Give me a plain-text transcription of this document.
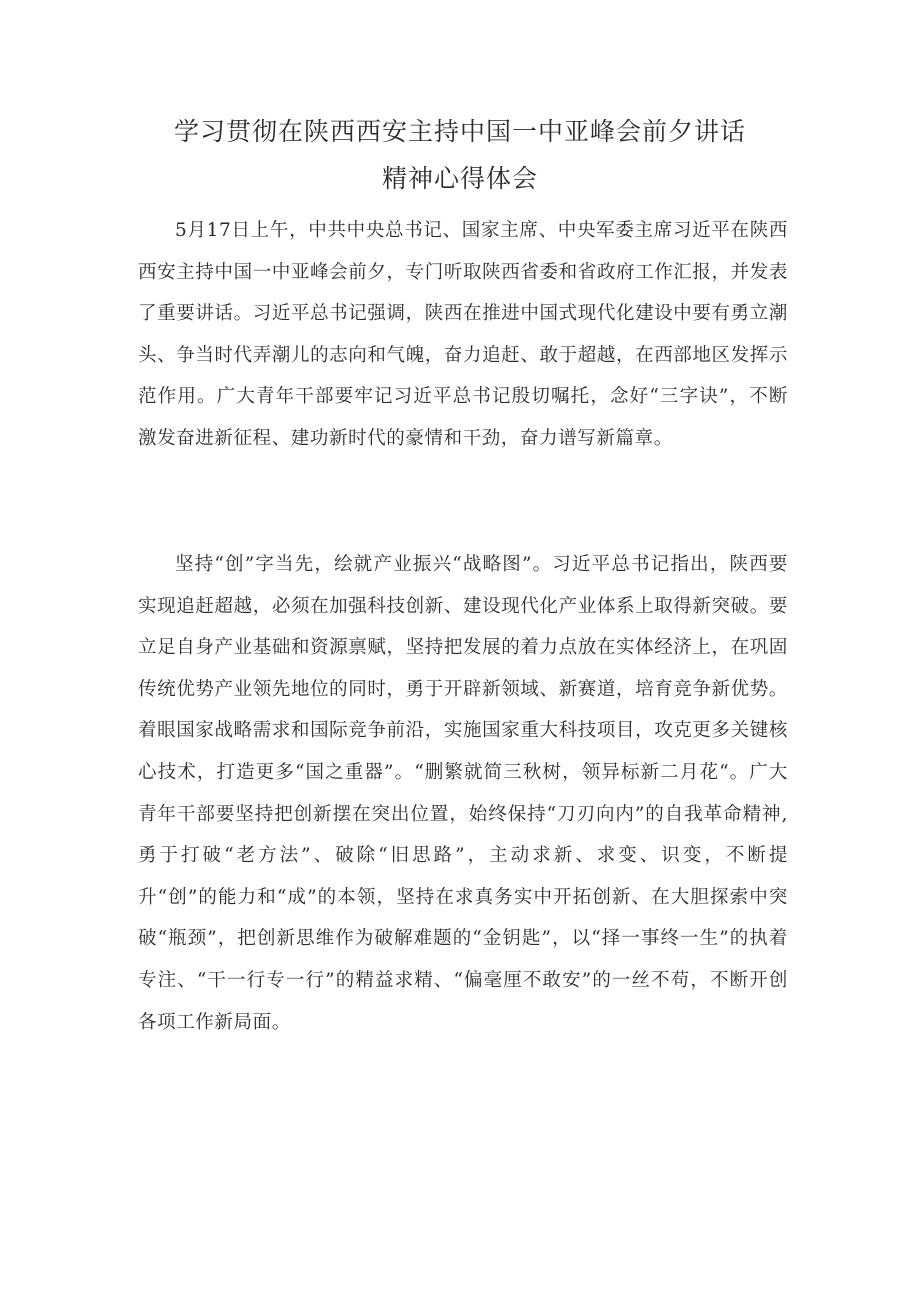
学习贯彻在陕西西安主持中国一中亚峰会前夕讲话
精神心得体会

5月17日上午，中共中央总书记、国家主席、中央军委主席习近平在陕西西安主持中国一中亚峰会前夕，专门听取陕西省委和省政府工作汇报，并发表了重要讲话。习近平总书记强调，陕西在推进中国式现代化建设中要有勇立潮头、争当时代弄潮儿的志向和气魄，奋力追赶、敢于超越，在西部地区发挥示范作用。广大青年干部要牢记习近平总书记殷切嘱托，念好“三字诀”，不断激发奋进新征程、建功新时代的豪情和干劲，奋力谱写新篇章。

坚持“创”字当先，绘就产业振兴“战略图”。习近平总书记指出，陕西要实现追赶超越，必须在加强科技创新、建设现代化产业体系上取得新突破。要立足自身产业基础和资源禀赋，坚持把发展的着力点放在实体经济上，在巩固传统优势产业领先地位的同时，勇于开辟新领域、新赛道，培育竞争新优势。着眼国家战略需求和国际竞争前沿，实施国家重大科技项目，攻克更多关键核心技术，打造更多“国之重器”。“删繁就简三秋树，领异标新二月花“。广大青年干部要坚持把创新摆在突出位置，始终保持“刀刃向内”的自我革命精神,勇于打破“老方法”、破除“旧思路”，主动求新、求变、识变，不断提升“创”的能力和“成”的本领，坚持在求真务实中开拓创新、在大胆探索中突破“瓶颈”，把创新思维作为破解难题的“金钥匙”，以“择一事终一生”的执着专注、“干一行专一行”的精益求精、“偏毫厘不敢安”的一丝不苟，不断开创各项工作新局面。
